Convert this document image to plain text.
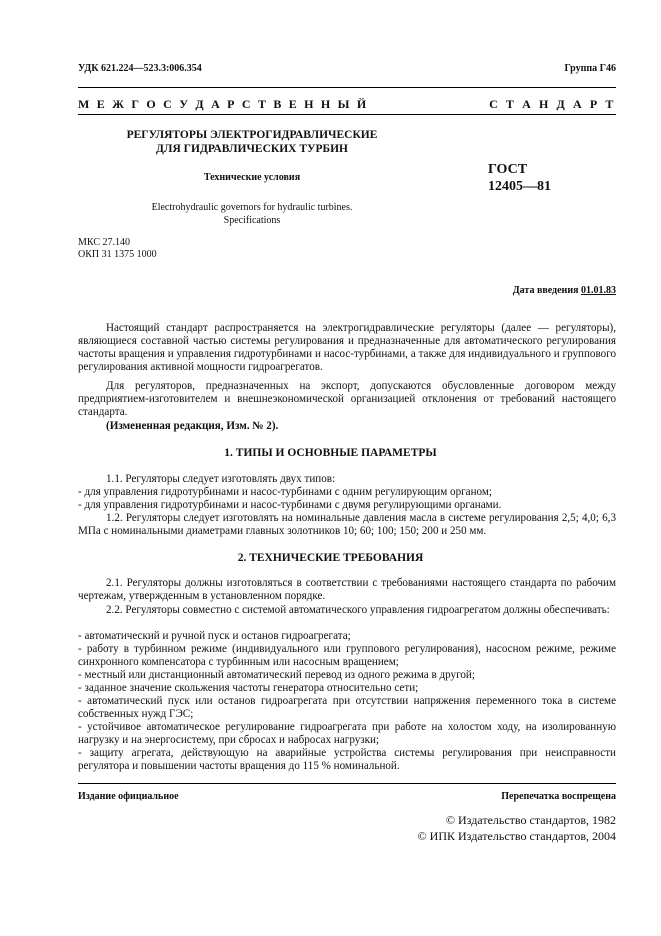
УДК 621.224—523.3:006.354	Группа Г46
М Е Ж Г О С У Д А Р С Т В Е Н Н Ы Й	С Т А Н Д А Р Т
РЕГУЛЯТОРЫ ЭЛЕКТРОГИДРАВЛИЧЕСКИЕ
ДЛЯ ГИДРАВЛИЧЕСКИХ ТУРБИН
Технические условия
Electrohydraulic governors for hydraulic turbines.
Specifications
ГОСТ
12405—81
МКС 27.140
ОКП 31 1375 1000
Дата введения 01.01.83

Настоящий стандарт распространяется на электрогидравлические регуляторы (далее — регуляторы), являющиеся составной частью системы регулирования и предназначенные для автоматического регулирования частоты вращения и управления гидротурбинами и насос-турбинами, а также для индивидуального и группового регулирования активной мощности гидроагрегатов.

Для регуляторов, предназначенных на экспорт, допускаются обусловленные договором между предприятием-изготовителем и внешнеэкономической организацией отклонения от требований настоящего стандарта.

(Измененная редакция, Изм. № 2).

1. ТИПЫ И ОСНОВНЫЕ ПАРАМЕТРЫ

1.1. Регуляторы следует изготовлять двух типов:

- для управления гидротурбинами и насос-турбинами с одним регулирующим органом;

- для управления гидротурбинами и насос-турбинами с двумя регулирующими органами.

1.2. Регуляторы следует изготовлять на номинальные давления масла в системе регулирования 2,5; 4,0; 6,3 МПа с номинальными диаметрами главных золотников 10; 60; 100; 150; 200 и 250 мм.

2. ТЕХНИЧЕСКИЕ ТРЕБОВАНИЯ

2.1. Регуляторы должны изготовляться в соответствии с требованиями настоящего стандарта по рабочим чертежам, утвержденным в установленном порядке.

2.2. Регуляторы совместно с системой автоматического управления гидроагрегатом должны обеспечивать:

- автоматический и ручной пуск и останов гидроагрегата;

- работу в турбинном режиме (индивидуального или группового регулирования), насосном режиме, режиме синхронного компенсатора с турбинным или насосным вращением;

- местный или дистанционный автоматический перевод из одного режима в другой;

- заданное значение скольжения частоты генератора относительно сети;

- автоматический пуск или останов гидроагрегата при отсутствии напряжения переменного тока в системе собственных нужд ГЭС;

- устойчивое автоматическое регулирование гидроагрегата при работе на холостом ходу, на изолированную нагрузку и на энергосистему, при сбросах и набросах нагрузки;

- защиту агрегата, действующую на аварийные устройства системы регулирования при неисправности регулятора и повышении частоты вращения до 115 % номинальной.

Издание официальное	Перепечатка воспрещена
© Издательство стандартов, 1982
© ИПК Издательство стандартов, 2004
